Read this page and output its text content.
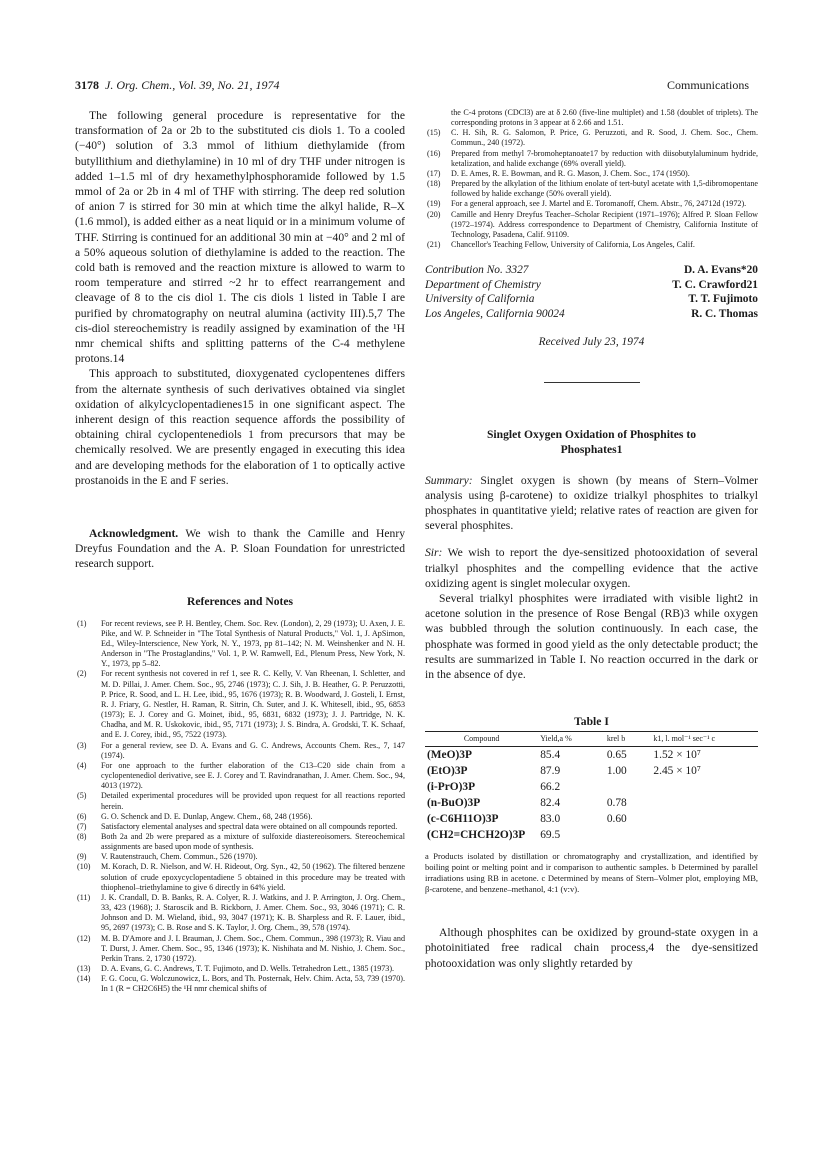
3178 J. Org. Chem., Vol. 39, No. 21, 1974	Communications

The following general procedure is representative for the transformation of 2a or 2b to the substituted cis diols 1. To a cooled (−40°) solution of 3.3 mmol of lithium diethylamide (from butyllithium and diethylamine) in 10 ml of dry THF under nitrogen is added 1–1.5 ml of dry hexamethylphosphoramide followed by 1.5 mmol of 2a or 2b in 4 ml of THF with stirring. The deep red solution of anion 7 is stirred for 30 min at which time the alkyl halide, R–X (1.6 mmol), is added either as a neat liquid or in a minimum volume of THF. Stirring is continued for an additional 30 min at −40° and 2 ml of a 50% aqueous solution of diethylamine is added to the reaction. The cold bath is removed and the reaction mixture is allowed to warm to room temperature and stirred ~2 hr to effect rearrangement and cleavage of 8 to the cis diol 1. The cis diols 1 listed in Table I are purified by chromatography on neutral alumina (activity III).5,7 The cis-diol stereochemistry is readily assigned by examination of the ¹H nmr chemical shifts and splitting patterns of the C-4 methylene protons.14

This approach to substituted, dioxygenated cyclopentenes differs from the alternate synthesis of such derivatives obtained via singlet oxidation of alkylcyclopentadienes15 in one significant aspect. The inherent design of this reaction sequence affords the possibility of obtaining chiral cyclopentenediols 1 from precursors that may be chemically resolved. We are presently engaged in executing this idea and are developing methods for the elaboration of 1 to optically active prostanoids in the E and F series.

Acknowledgment. We wish to thank the Camille and Henry Dreyfus Foundation and the A. P. Sloan Foundation for unrestricted research support.

References and Notes

(1)	For recent reviews, see P. H. Bentley, Chem. Soc. Rev. (London), 2, 29 (1973); U. Axen, J. E. Pike, and W. P. Schneider in "The Total Synthesis of Natural Products," Vol. 1, J. ApSimon, Ed., Wiley-Interscience, New York, N. Y., 1973, pp 81–142; N. M. Weinshenker and N. H. Anderson in "The Prostaglandins," Vol. 1, P. W. Ramwell, Ed., Plenum Press, New York, N. Y., 1973, pp 5–82.
(2)	For recent synthesis not covered in ref 1, see R. C. Kelly, V. Van Rheenan, I. Schletter, and M. D. Pillai, J. Amer. Chem. Soc., 95, 2746 (1973); C. J. Sih, J. B. Heather, G. P. Peruzzotti, P. Price, R. Sood, and L. H. Lee, ibid., 95, 1676 (1973); R. B. Woodward, J. Gosteli, I. Ernst, R. J. Friary, G. Nestler, H. Raman, R. Sitrin, Ch. Suter, and J. K. Whitesell, ibid., 95, 6853 (1973); E. J. Corey and G. Moinet, ibid., 95, 6831, 6832 (1973); J. J. Partridge, N. K. Chadha, and M. R. Uskokovic, ibid., 95, 7171 (1973); J. S. Bindra, A. Grodski, T. K. Schaaf, and E. J. Corey, ibid., 95, 7522 (1973).
(3)	For a general review, see D. A. Evans and G. C. Andrews, Accounts Chem. Res., 7, 147 (1974).
(4)	For one approach to the further elaboration of the C13–C20 side chain from a cyclopentenediol derivative, see E. J. Corey and T. Ravindranathan, J. Amer. Chem. Soc., 94, 4013 (1972).
(5)	Detailed experimental procedures will be provided upon request for all reactions reported herein.
(6)	G. O. Schenck and D. E. Dunlap, Angew. Chem., 68, 248 (1956).
(7)	Satisfactory elemental analyses and spectral data were obtained on all compounds reported.
(8)	Both 2a and 2b were prepared as a mixture of sulfoxide diastereoisomers. Stereochemical assignments are based upon mode of synthesis.
(9)	V. Rautenstrauch, Chem. Commun., 526 (1970).
(10)	M. Korach, D. R. Nielson, and W. H. Rideout, Org. Syn., 42, 50 (1962). The filtered benzene solution of crude epoxycyclopentadiene 5 obtained in this procedure may be treated with thiophenol–triethylamine to give 6 directly in 64% yield.
(11)	J. K. Crandall, D. B. Banks, R. A. Colyer, R. J. Watkins, and J. P. Arrington, J. Org. Chem., 33, 423 (1968); J. Staroscik and B. Rickborn, J. Amer. Chem. Soc., 93, 3046 (1971); C. R. Johnson and D. M. Wieland, ibid., 93, 3047 (1971); K. B. Sharpless and R. F. Lauer, ibid., 95, 2697 (1973); C. B. Rose and S. K. Taylor, J. Org. Chem., 39, 578 (1974).
(12)	M. B. D'Amore and J. I. Brauman, J. Chem. Soc., Chem. Commun., 398 (1973); R. Viau and T. Durst, J. Amer. Chem. Soc., 95, 1346 (1973); K. Nishihata and M. Nishio, J. Chem. Soc., Perkin Trans. 2, 1730 (1972).
(13)	D. A. Evans, G. C. Andrews, T. T. Fujimoto, and D. Wells. Tetrahedron Lett., 1385 (1973).
(14)	F. G. Cocu, G. Wolczunowicz, L. Bors, and Th. Posternak, Helv. Chim. Acta, 53, 739 (1970). In 1 (R = CH2C6H5) the ¹H nmr chemical shifts of
the C-4 protons (CDCl3) are at δ 2.60 (five-line multiplet) and 1.58 (doublet of triplets). The corresponding protons in 3 appear at δ 2.66 and 1.51.
(15)	C. H. Sih, R. G. Salomon, P. Price, G. Peruzzoti, and R. Sood, J. Chem. Soc., Chem. Commun., 240 (1972).
(16)	Prepared from methyl 7-bromoheptanoate17 by reduction with diisobutylaluminum hydride, ketalization, and halide exchange (69% overall yield).
(17)	D. E. Ames, R. E. Bowman, and R. G. Mason, J. Chem. Soc., 174 (1950).
(18)	Prepared by the alkylation of the lithium enolate of tert-butyl acetate with 1,5-dibromopentane followed by halide exchange (50% overall yield).
(19)	For a general approach, see J. Martel and E. Toromanoff, Chem. Abstr., 76, 24712d (1972).
(20)	Camille and Henry Dreyfus Teacher–Scholar Recipient (1971–1976); Alfred P. Sloan Fellow (1972–1974). Address correspondence to Department of Chemistry, California Institute of Technology, Pasadena, Calif. 91109.
(21)	Chancellor's Teaching Fellow, University of California, Los Angeles, Calif.
Contribution No. 3327	D. A. Evans*20
Department of Chemistry	T. C. Crawford21
University of California	T. T. Fujimoto
Los Angeles, California 90024	R. C. Thomas
Received July 23, 1974

Singlet Oxygen Oxidation of Phosphites to

Phosphates1

Summary: Singlet oxygen is shown (by means of Stern–Volmer analysis using β-carotene) to oxidize trialkyl phosphites to trialkyl phosphates in quantitative yield; relative rates of reaction are given for several phosphites.

Sir: We wish to report the dye-sensitized photooxidation of several trialkyl phosphites and the compelling evidence that the active oxidizing agent is singlet molecular oxygen.

Several trialkyl phosphites were irradiated with visible light2 in acetone solution in the presence of Rose Bengal (RB)3 while oxygen was bubbled through the solution continuously. In each case, the phosphate was formed in good yield as the only detectable product; the results are summarized in Table I. No reaction occurred in the dark or in the absence of dye.

Table I

Compound	Yield,a %	krel b	k1, l. mol⁻¹ sec⁻¹ c
(MeO)3P	85.4	0.65	1.52 × 10⁷
(EtO)3P	87.9	1.00	2.45 × 10⁷
(i-PrO)3P	66.2		
(n-BuO)3P	82.4	0.78	
(c-C6H11O)3P	83.0	0.60	
(CH2=CHCH2O)3P	69.5		

a Products isolated by distillation or chromatography and crystallization, and identified by boiling point or melting point and ir comparison to authentic samples. b Determined by parallel irradiations using RB in acetone. c Determined by means of Stern–Volmer plot, employing MB, β-carotene, and benzene–methanol, 4:1 (v:v).

Although phosphites can be oxidized by ground-state oxygen in a photoinitiated free radical chain process,4 the dye-sensitized photooxidation was only slightly retarded by
